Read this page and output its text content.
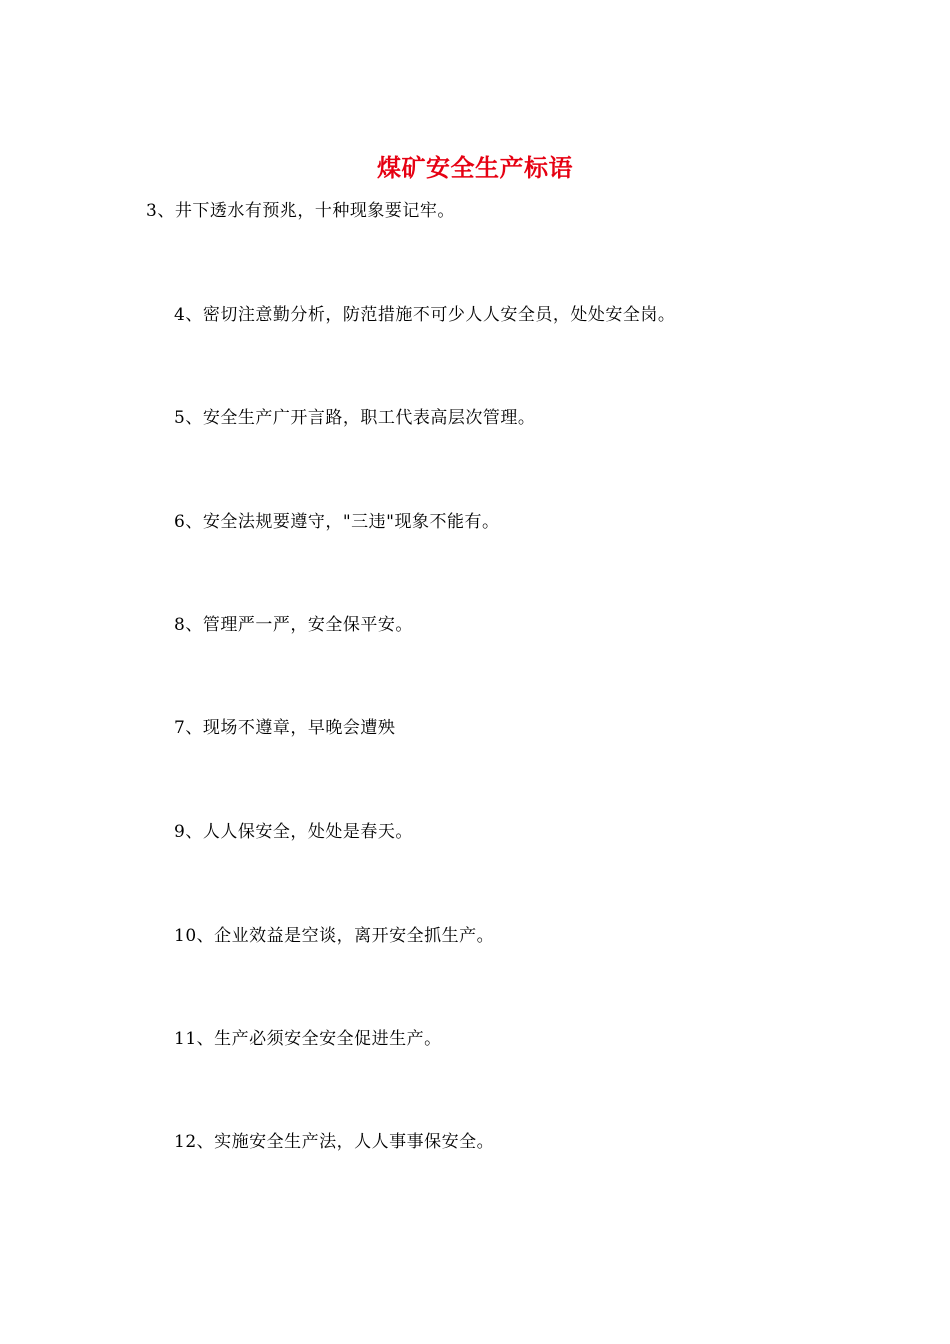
煤矿安全生产标语
3、井下透水有预兆，十种现象要记牢。
4、密切注意勤分析，防范措施不可少人人安全员，处处安全岗。
5、安全生产广开言路，职工代表高层次管理。
6、安全法规要遵守，"三违"现象不能有。
8、管理严一严，安全保平安。
7、现场不遵章，早晚会遭殃
9、人人保安全，处处是春天。
10、企业效益是空谈，离开安全抓生产。
11、生产必须安全安全促进生产。
12、实施安全生产法，人人事事保安全。
